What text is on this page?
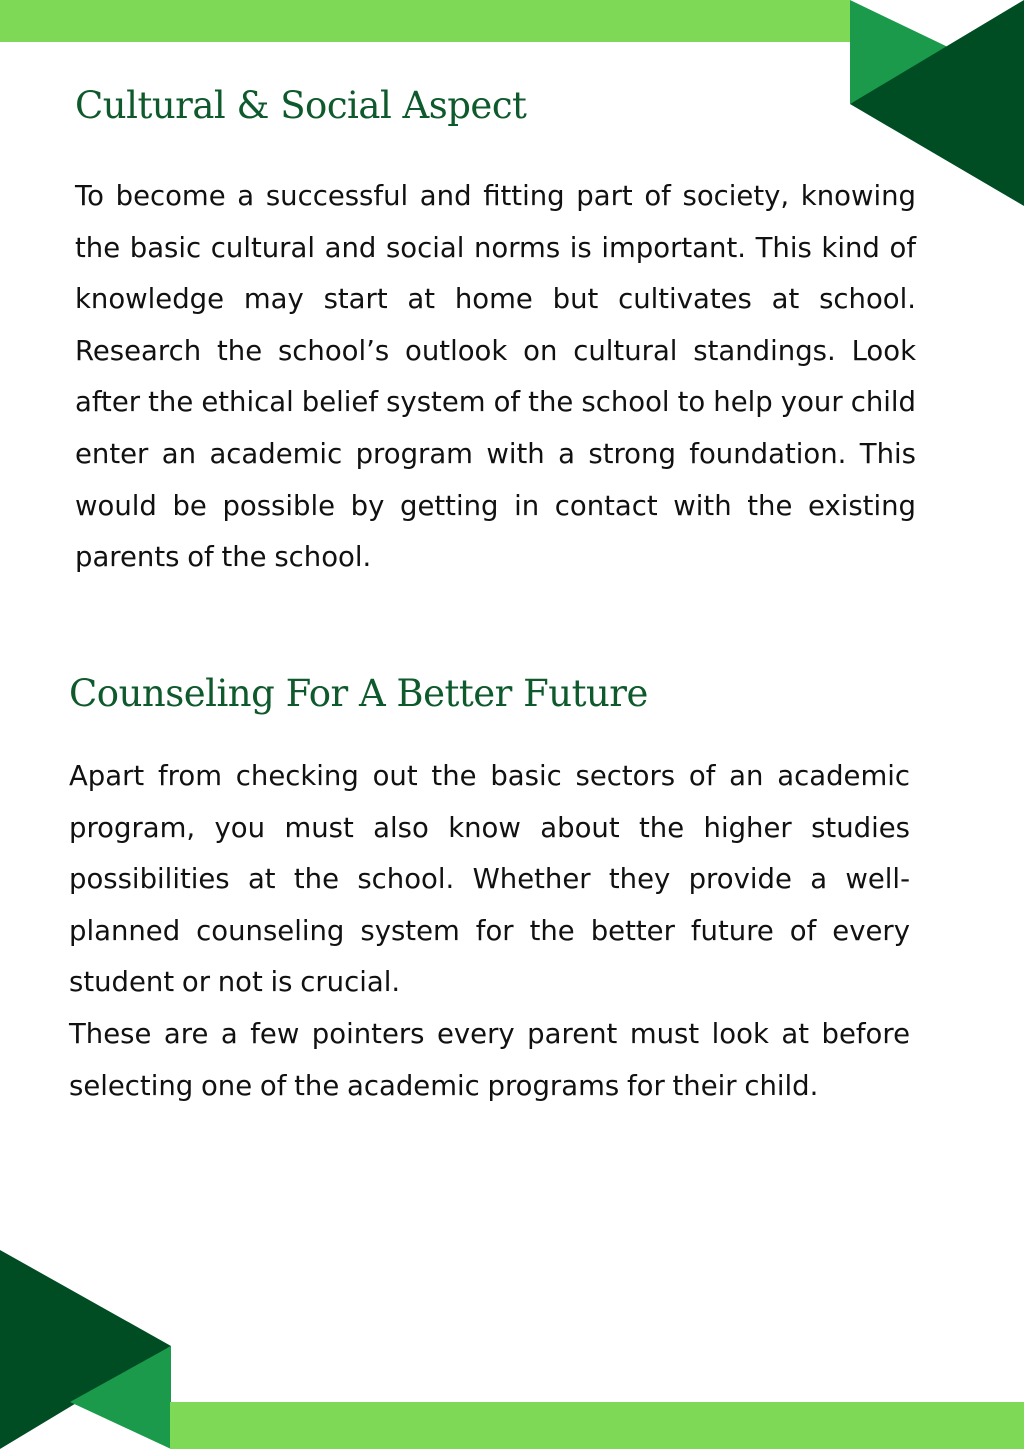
Cultural & Social Aspect

To become a successful and fitting part of society, knowing the basic cultural and social norms is important. This kind of knowledge may start at home but cultivates at school. Research the school’s outlook on cultural standings. Look after the ethical belief system of the school to help your child enter an academic program with a strong foundation. This would be possible by getting in contact with the existing parents of the school.

Counseling For A Better Future
Apart from checking out the basic sectors of an academic program, you must also know about the higher studies possibilities at the school. Whether they provide a well-planned counseling system for the better future of every student or not is crucial.
These are a few pointers every parent must look at before selecting one of the academic programs for their child.
